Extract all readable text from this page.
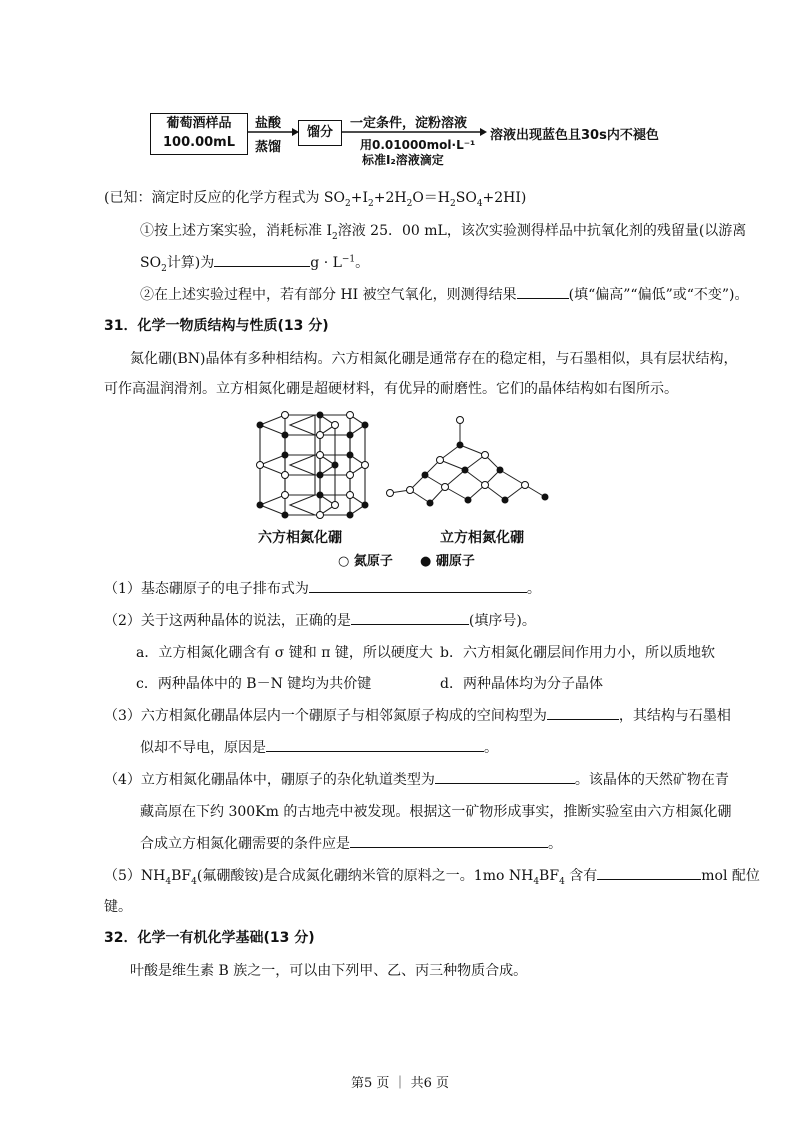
葡萄酒样品
100.00mL
盐酸
蒸馏
馏分
一定条件，淀粉溶液
用0.01000mol·L⁻¹
标准I₂溶液滴定
溶液出现蓝色且30s内不褪色
(已知：滴定时反应的化学方程式为 $SO_2+I_2+2H_2O=H_2SO_4+2HI$)
①按上述方案实验，消耗标准 $I_2$溶液 25．00 mL，该次实验测得样品中抗氧化剂的残留量(以游离
$SO_2$计算)为	$g \cdot L^{-1}$。
②在上述实验过程中，若有部分 HI 被空气氧化，则测得结果	(填“偏高”“偏低”或“不变”)。
31．化学一物质结构与性质(13 分)
氮化硼(BN)晶体有多种相结构。六方相氮化硼是通常存在的稳定相，与石墨相似，具有层状结构，
可作高温润滑剂。立方相氮化硼是超硬材料，有优异的耐磨性。它们的晶体结构如右图所示。
六方相氮化硼	立方相氮化硼
○ 氮原子 ● 硼原子
（1）基态硼原子的电子排布式为	。
（2）关于这两种晶体的说法，正确的是	(填序号)。
a．立方相氮化硼含有 σ 键和 π 键，所以硬度大 b．六方相氮化硼层间作用力小，所以质地软
c．两种晶体中的 B－N 键均为共价键	d．两种晶体均为分子晶体
（3）六方相氮化硼晶体层内一个硼原子与相邻氮原子构成的空间构型为	，其结构与石墨相
似却不导电，原因是	。
（4）立方相氮化硼晶体中，硼原子的杂化轨道类型为	。该晶体的天然矿物在青
藏高原在下约 300Km 的古地壳中被发现。根据这一矿物形成事实，推断实验室由六方相氮化硼
合成立方相氮化硼需要的条件应是	。
$(5)NH_4BF_4$(氟硼酸铵)是合成氮化硼纳米管的原料之一。1mo $NH_4BF_4$ 含有	mol 配位
键。
32．化学一有机化学基础(13 分)
叶酸是维生素 B 族之一，可以由下列甲、乙、丙三种物质合成。
第5 页 ｜ 共6 页
